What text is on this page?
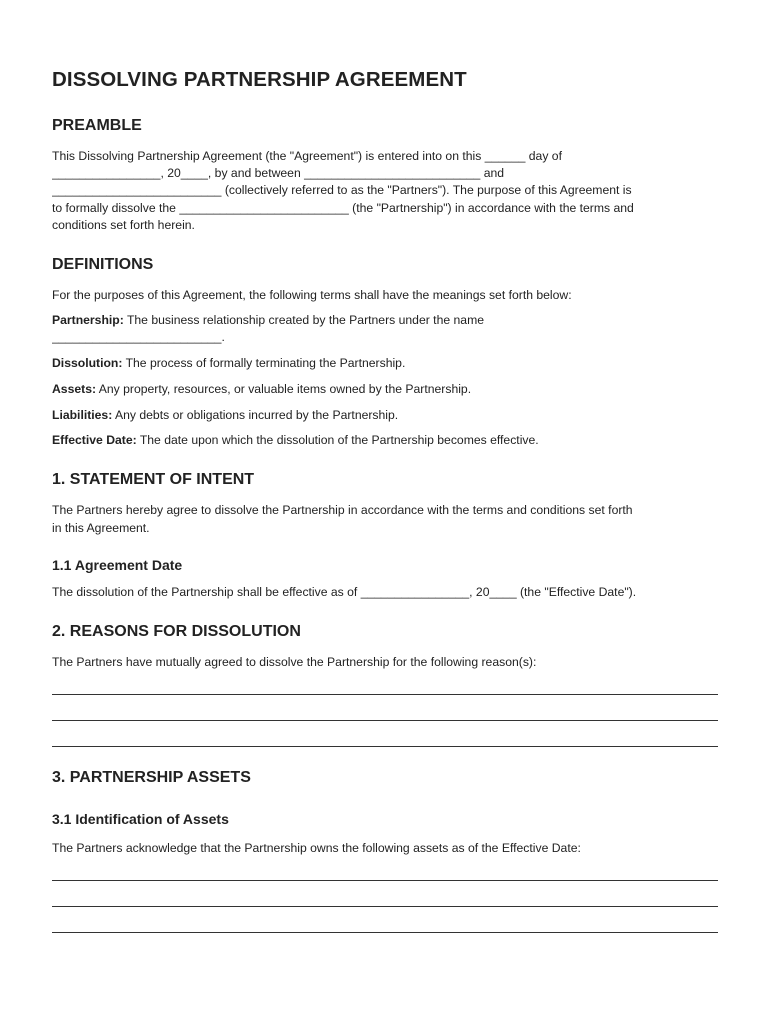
DISSOLVING PARTNERSHIP AGREEMENT
PREAMBLE
This Dissolving Partnership Agreement (the "Agreement") is entered into on this ______ day of
________________, 20____, by and between __________________________ and
_________________________ (collectively referred to as the "Partners"). The purpose of this Agreement is
to formally dissolve the _________________________ (the "Partnership") in accordance with the terms and
conditions set forth herein.
DEFINITIONS
For the purposes of this Agreement, the following terms shall have the meanings set forth below:
Partnership: The business relationship created by the Partners under the name
_________________________.
Dissolution: The process of formally terminating the Partnership.
Assets: Any property, resources, or valuable items owned by the Partnership.
Liabilities: Any debts or obligations incurred by the Partnership.
Effective Date: The date upon which the dissolution of the Partnership becomes effective.
1. STATEMENT OF INTENT
The Partners hereby agree to dissolve the Partnership in accordance with the terms and conditions set forth
in this Agreement.
1.1 Agreement Date
The dissolution of the Partnership shall be effective as of ________________, 20____ (the "Effective Date").
2. REASONS FOR DISSOLUTION
The Partners have mutually agreed to dissolve the Partnership for the following reason(s):
3. PARTNERSHIP ASSETS
3.1 Identification of Assets
The Partners acknowledge that the Partnership owns the following assets as of the Effective Date:
